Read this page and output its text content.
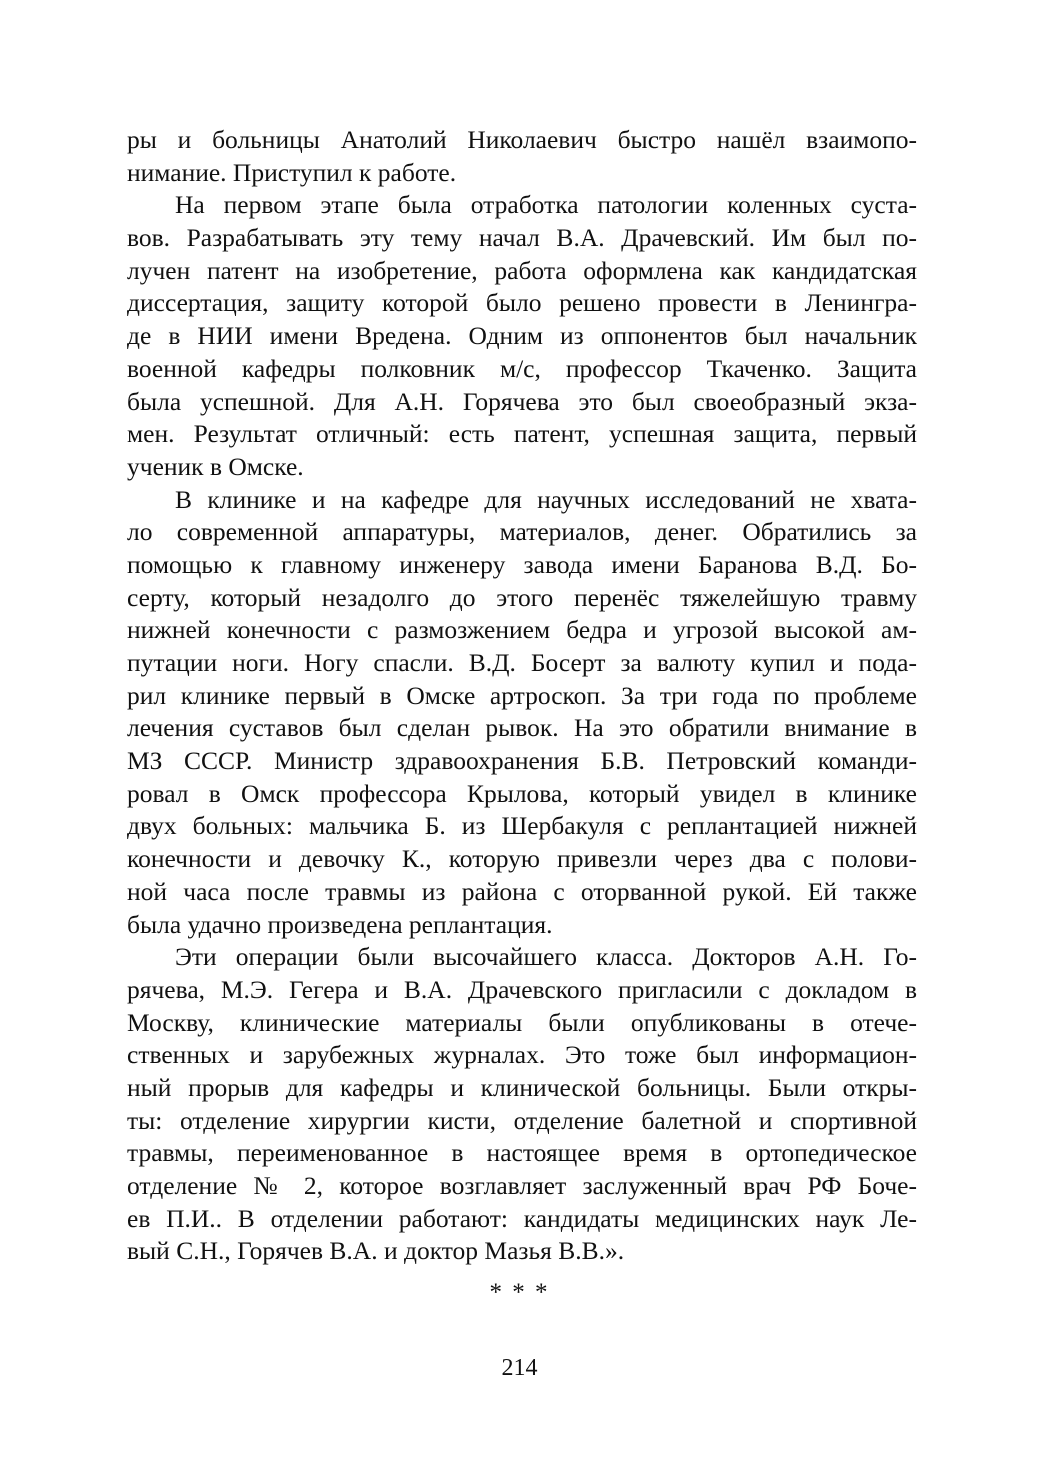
ры и больницы Анатолий Николаевич быстро нашёл взаимопо-
нимание. Приступил к работе.
На первом этапе была отработка патологии коленных суста-
вов. Разрабатывать эту тему начал В.А. Драчевский. Им был по-
лучен патент на изобретение, работа оформлена как кандидатская
диссертация, защиту которой было решено провести в Ленингра-
де в НИИ имени Вредена. Одним из оппонентов был начальник
военной кафедры полковник м/с, профессор Ткаченко. Защита
была успешной. Для А.Н. Горячева это был своеобразный экза-
мен. Результат отличный: есть патент, успешная защита, первый
ученик в Омске.
В клинике и на кафедре для научных исследований не хвата-
ло современной аппаратуры, материалов, денег. Обратились за
помощью к главному инженеру завода имени Баранова В.Д. Бо-
серту, который незадолго до этого перенёс тяжелейшую травму
нижней конечности с размозжением бедра и угрозой высокой ам-
путации ноги. Ногу спасли. В.Д. Босерт за валюту купил и пода-
рил клинике первый в Омске артроскоп. За три года по проблеме
лечения суставов был сделан рывок. На это обратили внимание в
МЗ СССР. Министр здравоохранения Б.В. Петровский команди-
ровал в Омск профессора Крылова, который увидел в клинике
двух больных: мальчика Б. из Шербакуля с реплантацией нижней
конечности и девочку К., которую привезли через два с полови-
ной часа после травмы из района с оторванной рукой. Ей также
была удачно произведена реплантация.
Эти операции были высочайшего класса. Докторов А.Н. Го-
рячева, М.Э. Гегера и В.А. Драчевского пригласили с докладом в
Москву, клинические материалы были опубликованы в отече-
ственных и зарубежных журналах. Это тоже был информацион-
ный прорыв для кафедры и клинической больницы. Были откры-
ты: отделение хирургии кисти, отделение балетной и спортивной
травмы, переименованное в настоящее время в ортопедическое
отделение № 2, которое возглавляет заслуженный врач РФ Боче-
ев П.И.. В отделении работают: кандидаты медицинских наук Ле-
вый С.Н., Горячев В.А. и доктор Мазья В.В.».
* * *
214
